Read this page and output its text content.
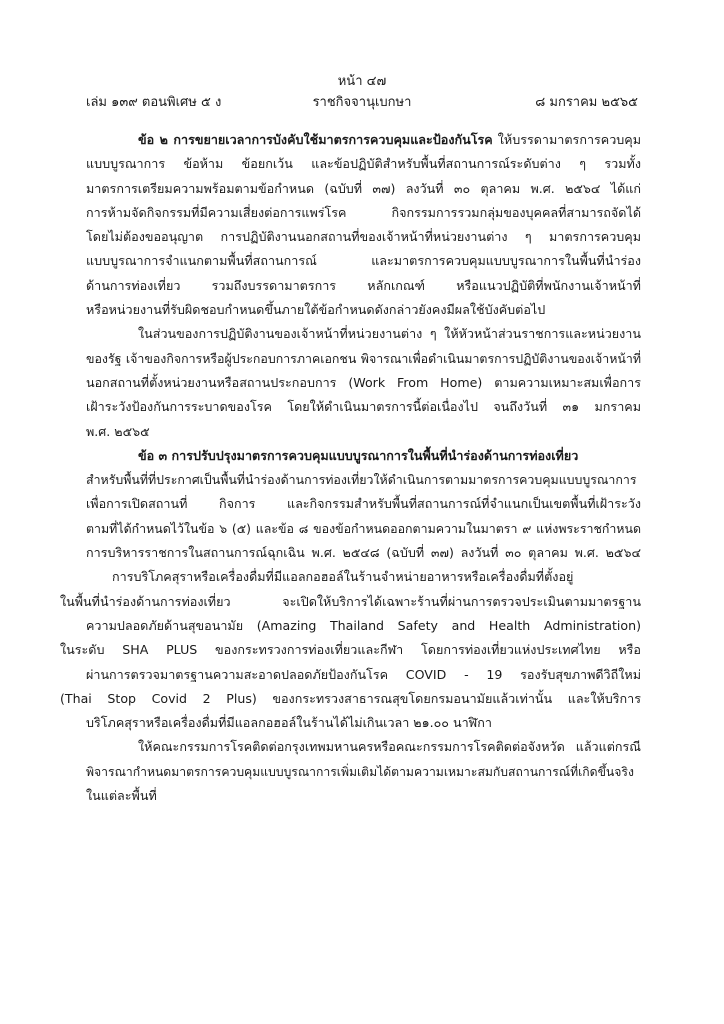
หน้า ๔๗
เล่ม ๑๓๙ ตอนพิเศษ ๕ ง	ราชกิจจานุเบกษา	๘ มกราคม ๒๕๖๕
ข้อ ๒ การขยายเวลาการบังคับใช้มาตรการควบคุมและป้องกันโรค ให้บรรดามาตรการควบคุม
แบบบูรณาการ ข้อห้าม ข้อยกเว้น และข้อปฏิบัติสำหรับพื้นที่สถานการณ์ระดับต่าง ๆ รวมทั้ง
มาตรการเตรียมความพร้อมตามข้อกำหนด (ฉบับที่ ๓๗) ลงวันที่ ๓๐ ตุลาคม พ.ศ. ๒๕๖๔ ได้แก่
การห้ามจัดกิจกรรมที่มีความเสี่ยงต่อการแพร่โรค กิจกรรมการรวมกลุ่มของบุคคลที่สามารถจัดได้
โดยไม่ต้องขออนุญาต การปฏิบัติงานนอกสถานที่ของเจ้าหน้าที่หน่วยงานต่าง ๆ มาตรการควบคุม
แบบบูรณาการจำแนกตามพื้นที่สถานการณ์ และมาตรการควบคุมแบบบูรณาการในพื้นที่นำร่อง
ด้านการท่องเที่ยว รวมถึงบรรดามาตรการ หลักเกณฑ์ หรือแนวปฏิบัติที่พนักงานเจ้าหน้าที่
หรือหน่วยงานที่รับผิดชอบกำหนดขึ้นภายใต้ข้อกำหนดดังกล่าวยังคงมีผลใช้บังคับต่อไป
ในส่วนของการปฏิบัติงานของเจ้าหน้าที่หน่วยงานต่าง ๆ ให้หัวหน้าส่วนราชการและหน่วยงาน
ของรัฐ เจ้าของกิจการหรือผู้ประกอบการภาคเอกชน พิจารณาเพื่อดำเนินมาตรการปฏิบัติงานของเจ้าหน้าที่
นอกสถานที่ตั้งหน่วยงานหรือสถานประกอบการ (Work From Home) ตามความเหมาะสมเพื่อการ
เฝ้าระวังป้องกันการระบาดของโรค โดยให้ดำเนินมาตรการนี้ต่อเนื่องไป จนถึงวันที่ ๓๑ มกราคม
พ.ศ. ๒๕๖๕
ข้อ ๓ การปรับปรุงมาตรการควบคุมแบบบูรณาการในพื้นที่นำร่องด้านการท่องเที่ยว
สำหรับพื้นที่ที่ประกาศเป็นพื้นที่นำร่องด้านการท่องเที่ยวให้ดำเนินการตามมาตรการควบคุมแบบบูรณาการ
เพื่อการเปิดสถานที่ กิจการ และกิจกรรมสำหรับพื้นที่สถานการณ์ที่จำแนกเป็นเขตพื้นที่เฝ้าระวัง
ตามที่ได้กำหนดไว้ในข้อ ๖ (๕) และข้อ ๘ ของข้อกำหนดออกตามความในมาตรา ๙ แห่งพระราชกำหนด
การบริหารราชการในสถานการณ์ฉุกเฉิน พ.ศ. ๒๕๔๘ (ฉบับที่ ๓๗) ลงวันที่ ๓๐ ตุลาคม พ.ศ. ๒๕๖๔
การบริโภคสุราหรือเครื่องดื่มที่มีแอลกอฮอล์ในร้านจำหน่ายอาหารหรือเครื่องดื่มที่ตั้งอยู่
ในพื้นที่นำร่องด้านการท่องเที่ยว จะเปิดให้บริการได้เฉพาะร้านที่ผ่านการตรวจประเมินตามมาตรฐาน
ความปลอดภัยด้านสุขอนามัย (Amazing Thailand Safety and Health Administration)
ในระดับ SHA PLUS ของกระทรวงการท่องเที่ยวและกีฬา โดยการท่องเที่ยวแห่งประเทศไทย หรือ
ผ่านการตรวจมาตรฐานความสะอาดปลอดภัยป้องกันโรค COVID - 19 รองรับสุขภาพดีวิถีใหม่
(Thai Stop Covid 2 Plus) ของกระทรวงสาธารณสุขโดยกรมอนามัยแล้วเท่านั้น และให้บริการ
บริโภคสุราหรือเครื่องดื่มที่มีแอลกอฮอล์ในร้านได้ไม่เกินเวลา ๒๑.๐๐ นาฬิกา
ให้คณะกรรมการโรคติดต่อกรุงเทพมหานครหรือคณะกรรมการโรคติดต่อจังหวัด แล้วแต่กรณี
พิจารณากำหนดมาตรการควบคุมแบบบูรณาการเพิ่มเติมได้ตามความเหมาะสมกับสถานการณ์ที่เกิดขึ้นจริง
ในแต่ละพื้นที่
